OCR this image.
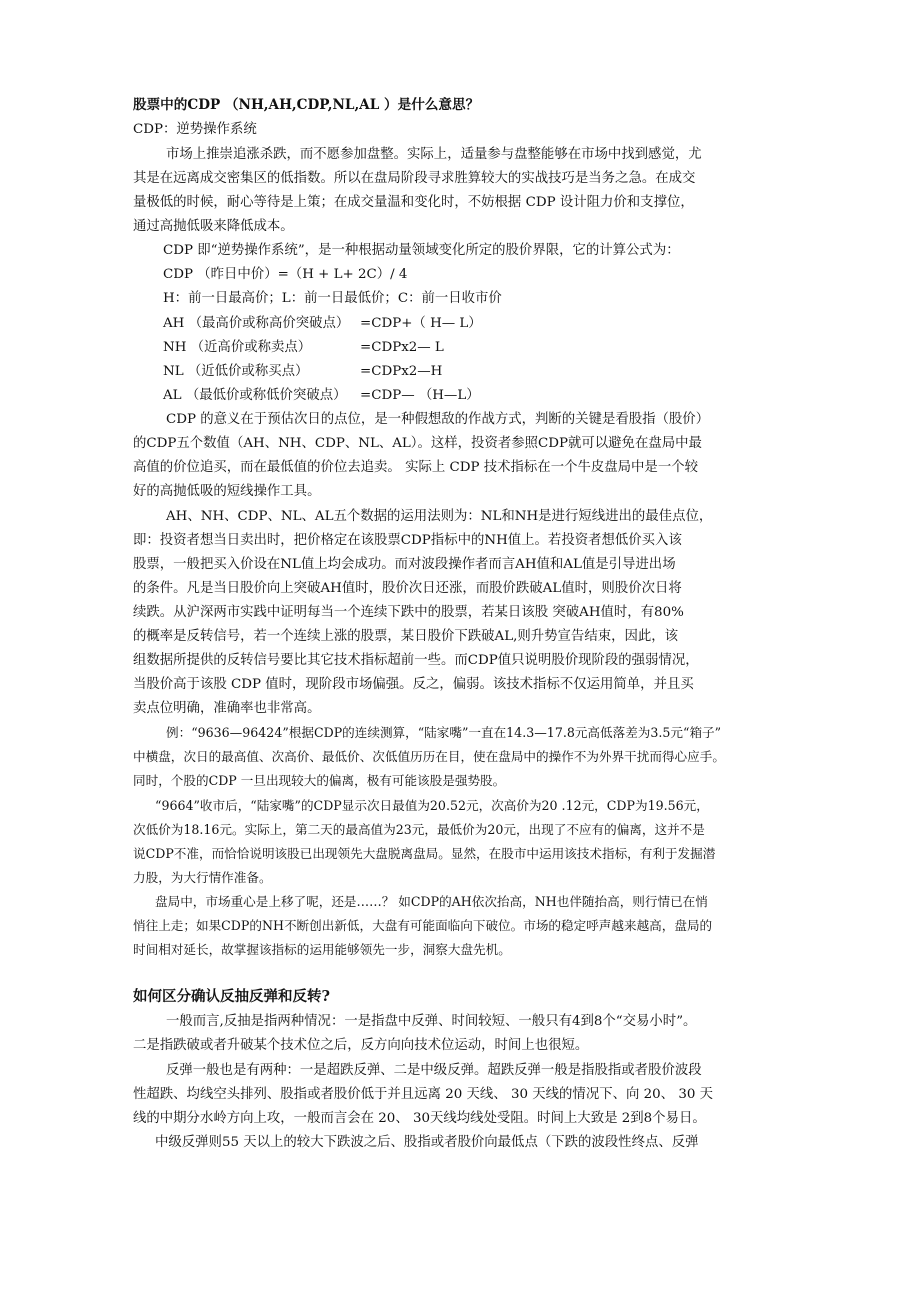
股票中的CDP （NH,AH,CDP,NL,AL ）是什么意思？
CDP：逆势操作系统
市场上推崇追涨杀跌，而不愿参加盘整。实际上，适量参与盘整能够在市场中找到感觉，尤
其是在远离成交密集区的低指数。所以在盘局阶段寻求胜算较大的实战技巧是当务之急。在成交
量极低的时候，耐心等待是上策；在成交量温和变化时，不妨根据 CDP 设计阻力价和支撑位，
通过高抛低吸来降低成本。
CDP 即“逆势操作系统”，是一种根据动量领域变化所定的股价界限，它的计算公式为：
CDP （昨日中价）=（H + L+ 2C）/ 4
H：前一日最高价；L：前一日最低价；C：前一日收市价
AH （最高价或称高价突破点） =CDP+（ H— L）
NH （近高价或称卖点）	=CDPx2— L
NL （近低价或称买点）	=CDPx2—H
AL （最低价或称低价突破点） =CDP— （H—L）
CDP 的意义在于预估次日的点位，是一种假想敌的作战方式，判断的关键是看股指（股价）
的CDP五个数值（AH、NH、CDP、NL、AL）。这样，投资者参照CDP就可以避免在盘局中最
高值的价位追买，而在最低值的价位去追卖。 实际上 CDP 技术指标在一个牛皮盘局中是一个较
好的高抛低吸的短线操作工具。
AH、NH、CDP、NL、AL五个数据的运用法则为：NL和NH是进行短线进出的最佳点位，
即：投资者想当日卖出时，把价格定在该股票CDP指标中的NH值上。若投资者想低价买入该
股票，一般把买入价设在NL值上均会成功。而对波段操作者而言AH值和AL值是引导进出场
的条件。凡是当日股价向上突破AH值时，股价次日还涨，而股价跌破AL值时，则股价次日将
续跌。从沪深两市实践中证明每当一个连续下跌中的股票，若某日该股 突破AH值时，有80%
的概率是反转信号，若一个连续上涨的股票，某日股价下跌破AL,则升势宣告结束，因此，该
组数据所提供的反转信号要比其它技术指标超前一些。而CDP值只说明股价现阶段的强弱情况，
当股价高于该股 CDP 值时，现阶段市场偏强。反之，偏弱。该技术指标不仅运用简单，并且买
卖点位明确，准确率也非常高。
例：“9636—96424”根据CDP的连续测算，“陆家嘴”一直在14.3—17.8元高低落差为3.5元“箱子”
中横盘，次日的最高值、次高价、最低价、次低值历历在目，使在盘局中的操作不为外界干扰而得心应手。
同时，个股的CDP 一旦出现较大的偏离，极有可能该股是强势股。
“9664”收市后，“陆家嘴”的CDP显示次日最值为20.52元，次高价为20 .12元，CDP为19.56元，
次低价为18.16元。实际上，第二天的最高值为23元，最低价为20元，出现了不应有的偏离，这并不是
说CDP不准，而恰恰说明该股已出现领先大盘脱离盘局。显然，在股市中运用该技术指标，有利于发掘潜
力股，为大行情作准备。
盘局中，市场重心是上移了呢，还是……？ 如CDP的AH依次抬高，NH也伴随抬高，则行情已在悄
悄往上走；如果CDP的NH不断创出新低，大盘有可能面临向下破位。市场的稳定呼声越来越高，盘局的
时间相对延长，故掌握该指标的运用能够领先一步，洞察大盘先机。
如何区分确认反抽反弹和反转?
一般而言,反抽是指两种情况：一是指盘中反弹、时间较短、一般只有4到8个“交易小时”。
二是指跌破或者升破某个技术位之后，反方向向技术位运动，时间上也很短。
反弹一般也是有两种：一是超跌反弹、二是中级反弹。超跌反弹一般是指股指或者股价波段
性超跌、均线空头排列、股指或者股价低于并且远离 20 天线、 30 天线的情况下、向 20、 30 天
线的中期分水岭方向上攻，一般而言会在 20、 30天线均线处受阻。时间上大致是 2到8个易日。
中级反弹则55 天以上的较大下跌波之后、股指或者股价向最低点（下跌的波段性终点、反弹
